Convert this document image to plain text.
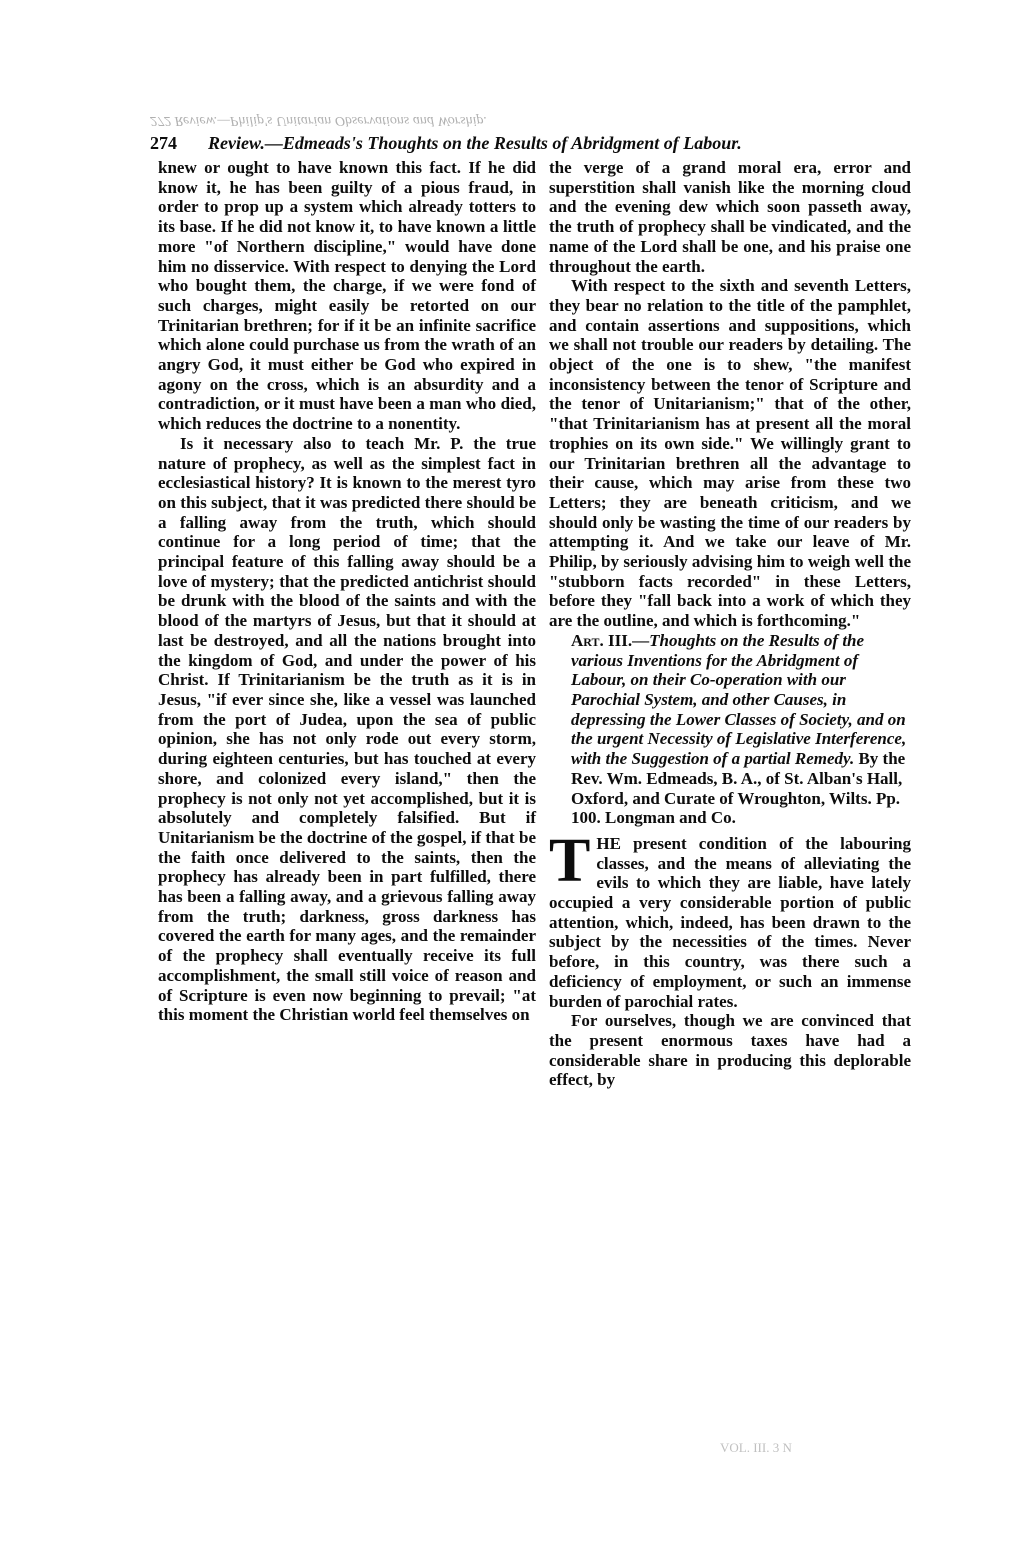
272 Review.—Philip's Unitarian Observations and Worship.
274 Review.—Edmeads's Thoughts on the Results of Abridgment of Labour.

knew or ought to have known this fact. If he did know it, he has been guilty of a pious fraud, in order to prop up a system which already totters to its base. If he did not know it, to have known a little more "of Northern discipline," would have done him no disservice. With respect to denying the Lord who bought them, the charge, if we were fond of such charges, might easily be retorted on our Trinitarian brethren; for if it be an infinite sacrifice which alone could purchase us from the wrath of an angry God, it must either be God who expired in agony on the cross, which is an absurdity and a contradiction, or it must have been a man who died, which reduces the doctrine to a nonentity.

Is it necessary also to teach Mr. P. the true nature of prophecy, as well as the simplest fact in ecclesiastical history? It is known to the merest tyro on this subject, that it was predicted there should be a falling away from the truth, which should continue for a long period of time; that the principal feature of this falling away should be a love of mystery; that the predicted antichrist should be drunk with the blood of the saints and with the blood of the martyrs of Jesus, but that it should at last be destroyed, and all the nations brought into the kingdom of God, and under the power of his Christ. If Trinitarianism be the truth as it is in Jesus, "if ever since she, like a vessel was launched from the port of Judea, upon the sea of public opinion, she has not only rode out every storm, during eighteen centuries, but has touched at every shore, and colonized every island," then the prophecy is not only not yet accomplished, but it is absolutely and completely falsified. But if Unitarianism be the doctrine of the gospel, if that be the faith once delivered to the saints, then the prophecy has already been in part fulfilled, there has been a falling away, and a grievous falling away from the truth; darkness, gross darkness has covered the earth for many ages, and the remainder of the prophecy shall eventually receive its full accomplishment, the small still voice of reason and of Scripture is even now beginning to prevail; "at this moment the Christian world feel themselves on

the verge of a grand moral era, error and superstition shall vanish like the morning cloud and the evening dew which soon passeth away, the truth of prophecy shall be vindicated, and the name of the Lord shall be one, and his praise one throughout the earth.

With respect to the sixth and seventh Letters, they bear no relation to the title of the pamphlet, and contain assertions and suppositions, which we shall not trouble our readers by detailing. The object of the one is to shew, "the manifest inconsistency between the tenor of Scripture and the tenor of Unitarianism;" that of the other, "that Trinitarianism has at present all the moral trophies on its own side." We willingly grant to our Trinitarian brethren all the advantage to their cause, which may arise from these two Letters; they are beneath criticism, and we should only be wasting the time of our readers by attempting it. And we take our leave of Mr. Philip, by seriously advising him to weigh well the "stubborn facts recorded" in these Letters, before they "fall back into a work of which they are the outline, and which is forthcoming."

Art. III.—Thoughts on the Results of the various Inventions for the Abridgment of Labour, on their Co-operation with our Parochial System, and other Causes, in depressing the Lower Classes of Society, and on the urgent Necessity of Legislative Interference, with the Suggestion of a partial Remedy. By the Rev. Wm. Edmeads, B. A., of St. Alban's Hall, Oxford, and Curate of Wroughton, Wilts. Pp. 100. Longman and Co.

T HE present condition of the labouring classes, and the means of alleviating the evils to which they are liable, have lately occupied a very considerable portion of public attention, which, indeed, has been drawn to the subject by the necessities of the times. Never before, in this country, was there such a deficiency of employment, or such an immense burden of parochial rates.

For ourselves, though we are convinced that the present enormous taxes have had a considerable share in producing this deplorable effect, by

VOL. III. 3 N
